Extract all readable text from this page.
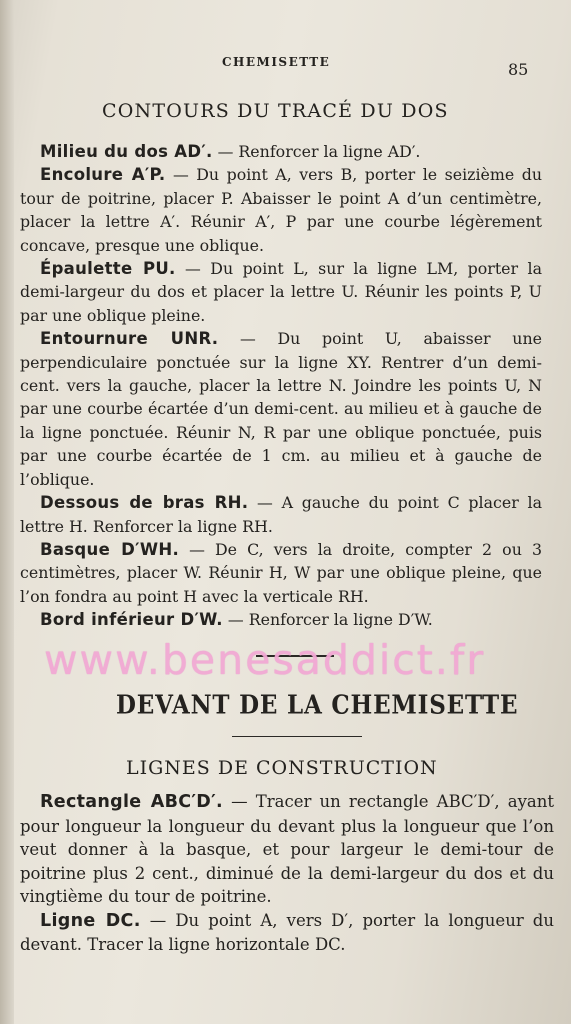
CHEMISETTE	85
CONTOURS DU TRACÉ DU DOS

Milieu du dos AD′. — Renforcer la ligne AD′.

Encolure A′P. — Du point A, vers B, porter le seizième du tour de poitrine, placer P. Abaisser le point A d’un centimètre, placer la lettre A′. Réunir A′, P par une courbe légèrement concave, presque une oblique.

Épaulette PU. — Du point L, sur la ligne LM, porter la demi-largeur du dos et placer la lettre U. Réunir les points P, U par une oblique pleine.

Entournure UNR. — Du point U, abaisser une perpendiculaire ponctuée sur la ligne XY. Rentrer d’un demi-cent. vers la gauche, placer la lettre N. Joindre les points U, N par une courbe écartée d’un demi-cent. au milieu et à gauche de la ligne ponctuée. Réunir N, R par une oblique ponctuée, puis par une courbe écartée de 1 cm. au milieu et à gauche de l’oblique.

Dessous de bras RH. — A gauche du point C placer la lettre H. Renforcer la ligne RH.

Basque D′WH. — De C, vers la droite, compter 2 ou 3 centimètres, placer W. Réunir H, W par une oblique pleine, que l’on fondra au point H avec la verticale RH.

Bord inférieur D′W. — Renforcer la ligne D′W.

www.benesaddict.fr
DEVANT DE LA CHEMISETTE
LIGNES DE CONSTRUCTION

Rectangle ABC′D′. — Tracer un rectangle ABC′D′, ayant pour longueur la longueur du devant plus la longueur que l’on veut donner à la basque, et pour largeur le demi-tour de poitrine plus 2 cent., diminué de la demi-largeur du dos et du vingtième du tour de poitrine.

Ligne DC. — Du point A, vers D′, porter la longueur du devant. Tracer la ligne horizontale DC.
